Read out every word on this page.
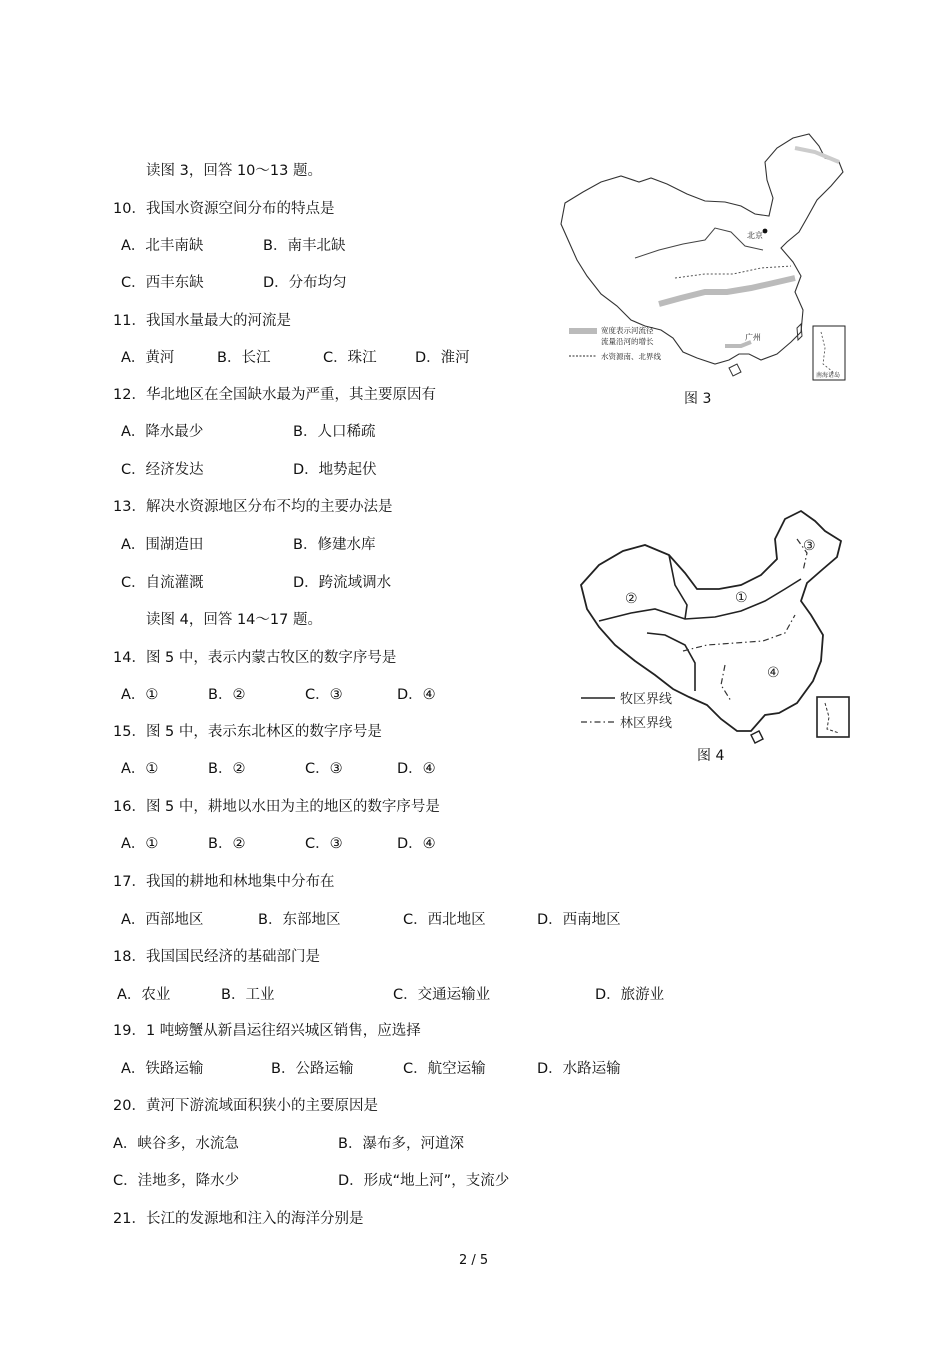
读图 3，回答 10～13 题。
10．我国水资源空间分布的特点是
A．北丰南缺	B．南丰北缺
C．西丰东缺	D．分布均匀
11．我国水量最大的河流是
A．黄河	B．长江	C．珠江	D．淮河
12．华北地区在全国缺水最为严重，其主要原因有
A．降水最少	B．人口稀疏
C．经济发达	D．地势起伏
13．解决水资源地区分布不均的主要办法是
A．围湖造田	B．修建水库
C．自流灌溉	D．跨流域调水
读图 4，回答 14～17 题。
14．图 5 中，表示内蒙古牧区的数字序号是
A．①	B．②	C．③	D．④
15．图 5 中，表示东北林区的数字序号是
A．①	B．②	C．③	D．④
16．图 5 中，耕地以水田为主的地区的数字序号是
A．①	B．②	C．③	D．④
17．我国的耕地和林地集中分布在
A．西部地区	B．东部地区	C．西北地区	D．西南地区
18．我国国民经济的基础部门是
A．农业	B．工业	C．交通运输业	D．旅游业
19．1 吨螃蟹从新昌运往绍兴城区销售，应选择
A．铁路运输	B．公路运输	C．航空运输	D．水路运输
20．黄河下游流域面积狭小的主要原因是
A．峡谷多，水流急	B．瀑布多，河道深
C．洼地多，降水少	D．形成“地上河”，支流少
21．长江的发源地和注入的海洋分别是
北京
广州
宽度表示河流径
流量沿河的增长
水资源南、北界线
南海诸岛
图 3
①
②
③
④
牧区界线
林区界线
图 4
2 / 5
